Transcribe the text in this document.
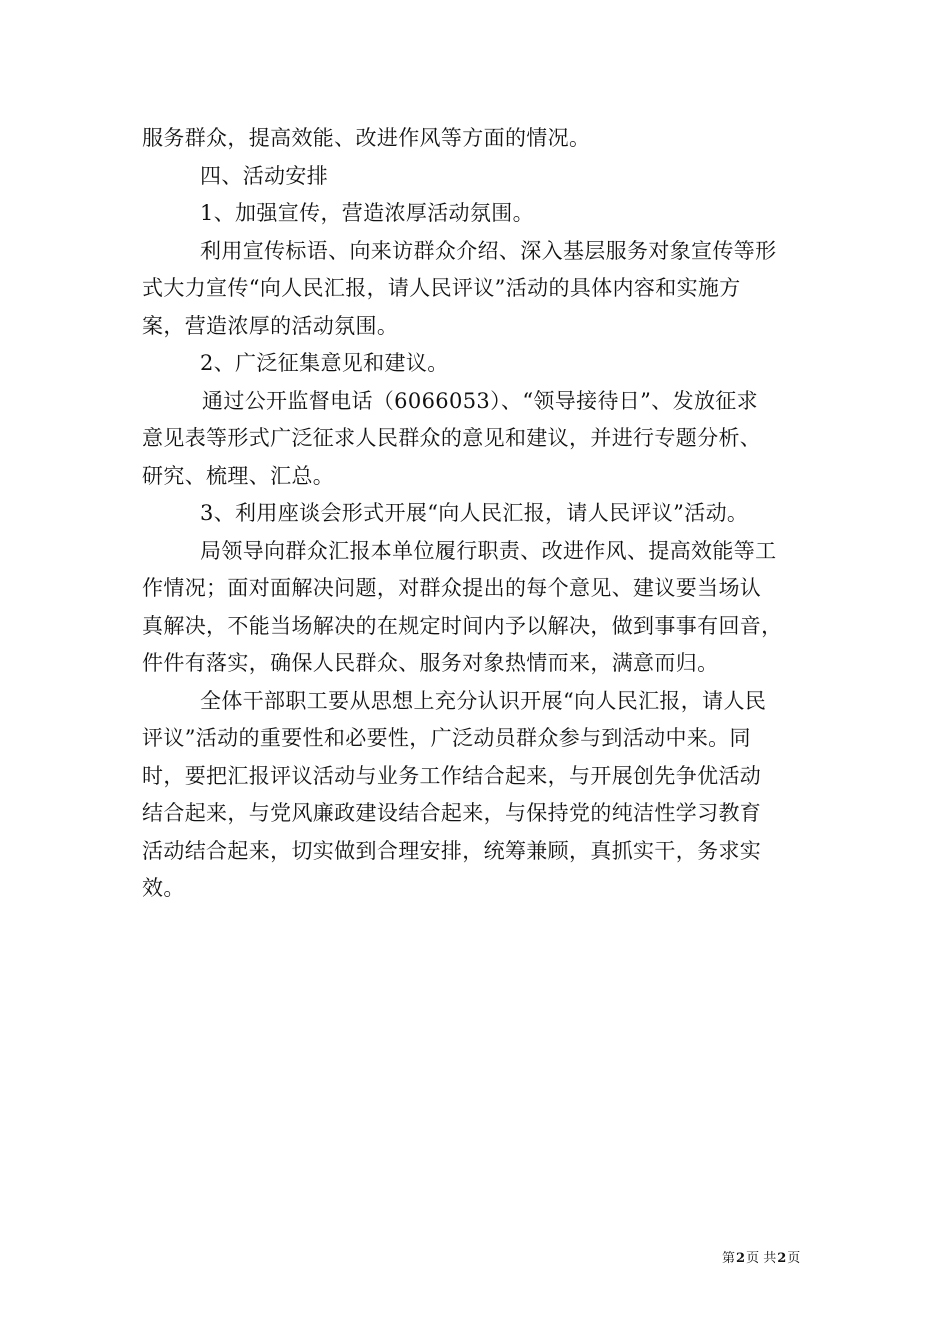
服务群众，提高效能、改进作风等方面的情况。
四、活动安排
1、加强宣传，营造浓厚活动氛围。
利用宣传标语、向来访群众介绍、深入基层服务对象宣传等形
式大力宣传“向人民汇报，请人民评议”活动的具体内容和实施方
案，营造浓厚的活动氛围。
2、广泛征集意见和建议。
通过公开监督电话（6066053）、“领导接待日”、发放征求
意见表等形式广泛征求人民群众的意见和建议，并进行专题分析、
研究、梳理、汇总。
3、利用座谈会形式开展“向人民汇报，请人民评议”活动。
局领导向群众汇报本单位履行职责、改进作风、提高效能等工
作情况；面对面解决问题，对群众提出的每个意见、建议要当场认
真解决，不能当场解决的在规定时间内予以解决，做到事事有回音，
件件有落实，确保人民群众、服务对象热情而来，满意而归。
全体干部职工要从思想上充分认识开展“向人民汇报，请人民
评议”活动的重要性和必要性，广泛动员群众参与到活动中来。同
时，要把汇报评议活动与业务工作结合起来，与开展创先争优活动
结合起来，与党风廉政建设结合起来，与保持党的纯洁性学习教育
活动结合起来，切实做到合理安排，统筹兼顾，真抓实干，务求实
效。
第2页 共2页
